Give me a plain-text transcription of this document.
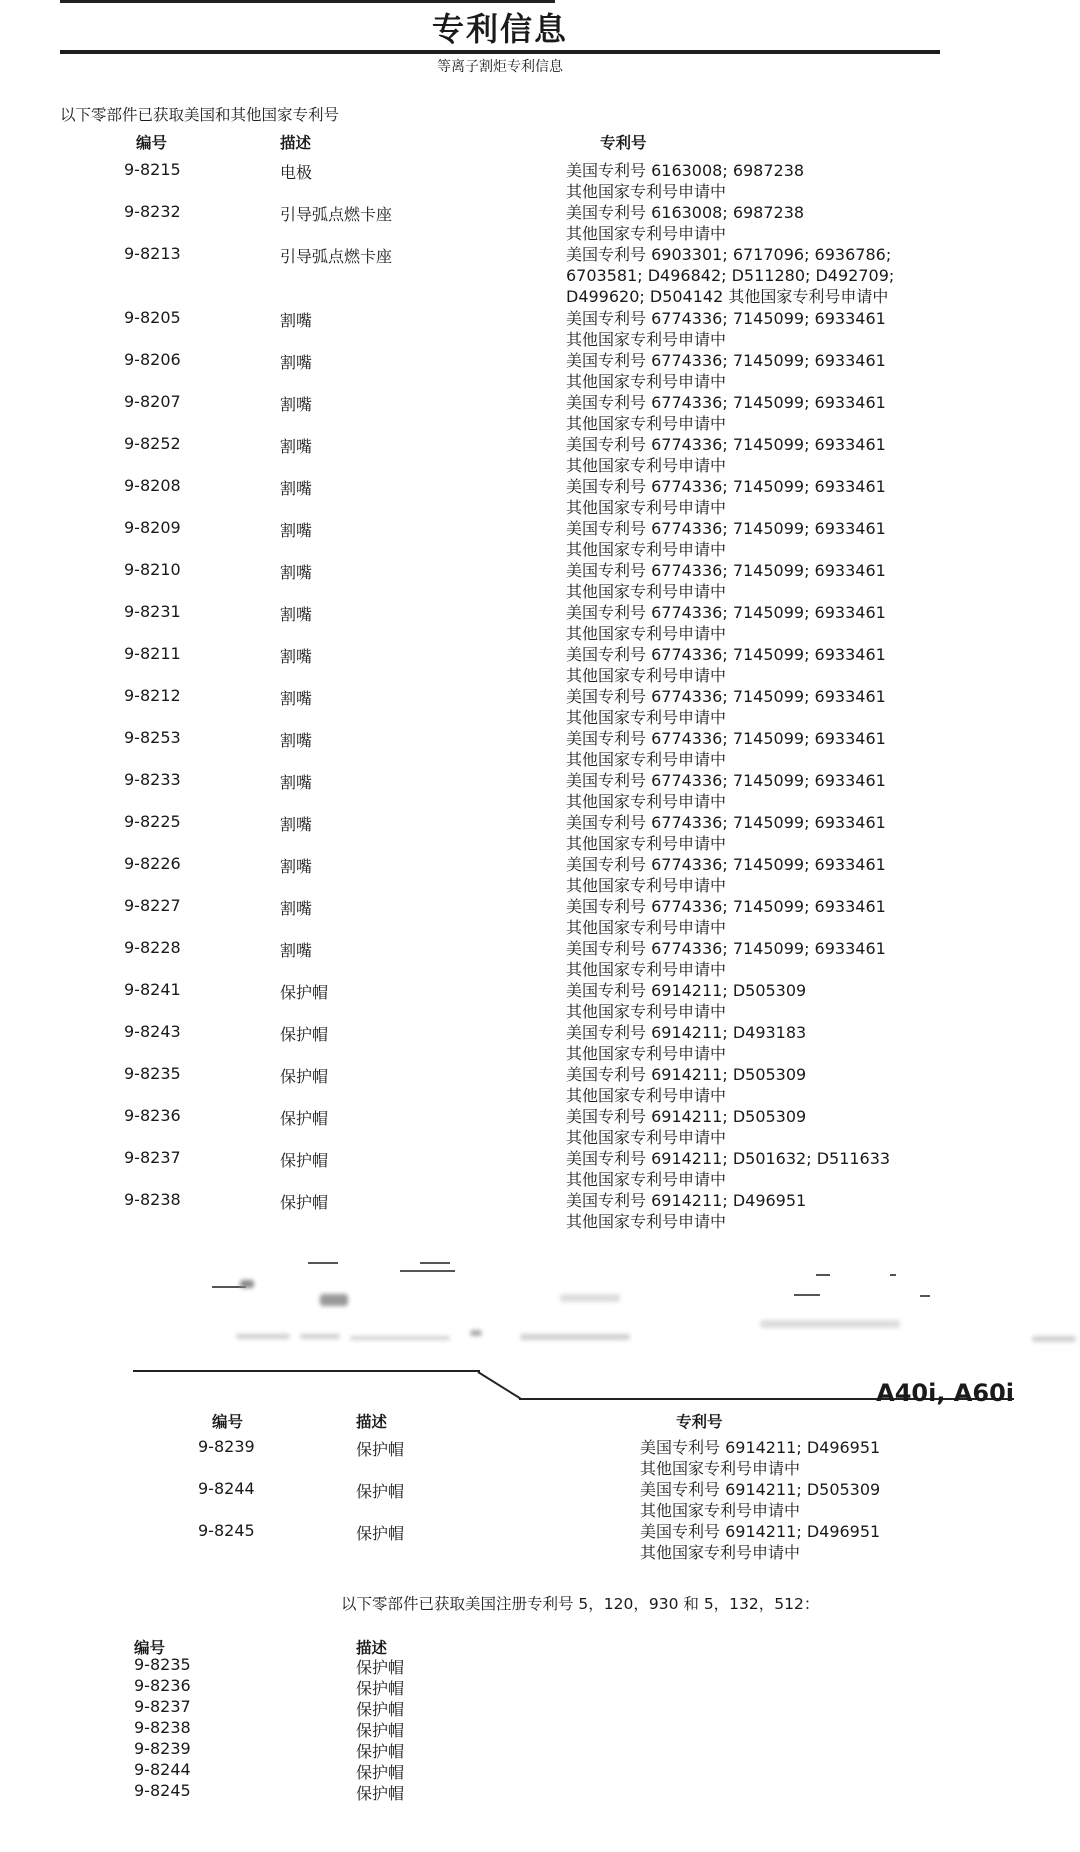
专利信息
等离子割炬专利信息
以下零部件已获取美国和其他国家专利号
编号	描述	专利号
9-8215	电极	美国专利号 6163008; 6987238
其他国家专利号申请中
9-8232	引导弧点燃卡座	美国专利号 6163008; 6987238
其他国家专利号申请中
9-8213	引导弧点燃卡座	美国专利号 6903301; 6717096; 6936786;
6703581; D496842; D511280; D492709;
D499620; D504142 其他国家专利号申请中
9-8205	割嘴	美国专利号 6774336; 7145099; 6933461
其他国家专利号申请中
9-8206	割嘴	美国专利号 6774336; 7145099; 6933461
其他国家专利号申请中
9-8207	割嘴	美国专利号 6774336; 7145099; 6933461
其他国家专利号申请中
9-8252	割嘴	美国专利号 6774336; 7145099; 6933461
其他国家专利号申请中
9-8208	割嘴	美国专利号 6774336; 7145099; 6933461
其他国家专利号申请中
9-8209	割嘴	美国专利号 6774336; 7145099; 6933461
其他国家专利号申请中
9-8210	割嘴	美国专利号 6774336; 7145099; 6933461
其他国家专利号申请中
9-8231	割嘴	美国专利号 6774336; 7145099; 6933461
其他国家专利号申请中
9-8211	割嘴	美国专利号 6774336; 7145099; 6933461
其他国家专利号申请中
9-8212	割嘴	美国专利号 6774336; 7145099; 6933461
其他国家专利号申请中
9-8253	割嘴	美国专利号 6774336; 7145099; 6933461
其他国家专利号申请中
9-8233	割嘴	美国专利号 6774336; 7145099; 6933461
其他国家专利号申请中
9-8225	割嘴	美国专利号 6774336; 7145099; 6933461
其他国家专利号申请中
9-8226	割嘴	美国专利号 6774336; 7145099; 6933461
其他国家专利号申请中
9-8227	割嘴	美国专利号 6774336; 7145099; 6933461
其他国家专利号申请中
9-8228	割嘴	美国专利号 6774336; 7145099; 6933461
其他国家专利号申请中
9-8241	保护帽	美国专利号 6914211; D505309
其他国家专利号申请中
9-8243	保护帽	美国专利号 6914211; D493183
其他国家专利号申请中
9-8235	保护帽	美国专利号 6914211; D505309
其他国家专利号申请中
9-8236	保护帽	美国专利号 6914211; D505309
其他国家专利号申请中
9-8237	保护帽	美国专利号 6914211; D501632; D511633
其他国家专利号申请中
9-8238	保护帽	美国专利号 6914211; D496951
其他国家专利号申请中
A40i, A60i
编号	描述	专利号
9-8239	保护帽	美国专利号 6914211; D496951
其他国家专利号申请中
9-8244	保护帽	美国专利号 6914211; D505309
其他国家专利号申请中
9-8245	保护帽	美国专利号 6914211; D496951
其他国家专利号申请中
以下零部件已获取美国注册专利号 5，120，930 和 5，132，512：
编号	描述
9-8235	保护帽
9-8236	保护帽
9-8237	保护帽
9-8238	保护帽
9-8239	保护帽
9-8244	保护帽
9-8245	保护帽
